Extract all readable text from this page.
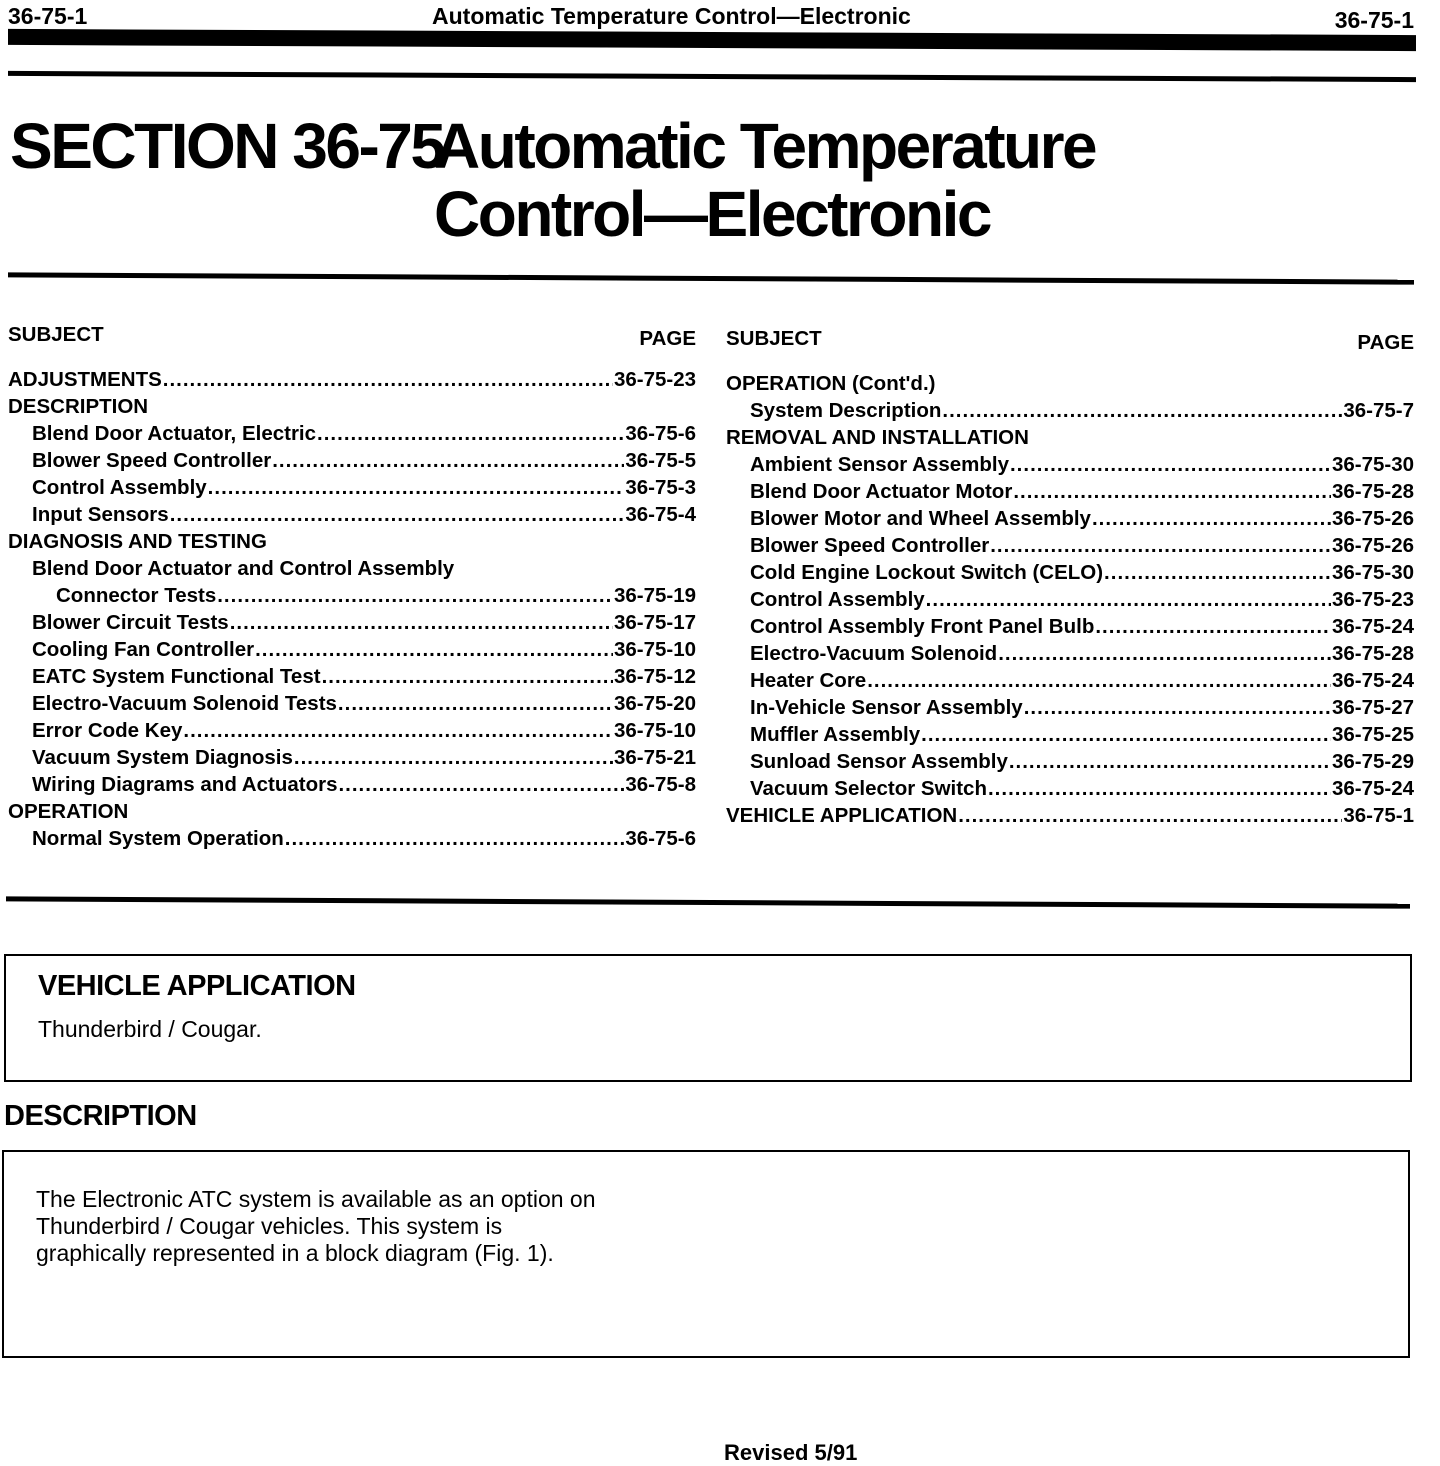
36-75-1	Automatic Temperature Control—Electronic	36-75-1
SECTION 36-75
Automatic Temperature
Control—Electronic
SUBJECT	PAGE
ADJUSTMENTS .....	36-75-23
DESCRIPTION
Blend Door Actuator, Electric .....	36-75-6
Blower Speed Controller .....	36-75-5
Control Assembly .....	36-75-3
Input Sensors .....	36-75-4
DIAGNOSIS AND TESTING
Blend Door Actuator and Control Assembly
Connector Tests .....	36-75-19
Blower Circuit Tests .....	36-75-17
Cooling Fan Controller .....	36-75-10
EATC System Functional Test .....	36-75-12
Electro-Vacuum Solenoid Tests .....	36-75-20
Error Code Key .....	36-75-10
Vacuum System Diagnosis .....	36-75-21
Wiring Diagrams and Actuators .....	36-75-8
OPERATION
Normal System Operation .....	36-75-6
SUBJECT	PAGE
OPERATION (Cont'd.)
System Description .....	36-75-7
REMOVAL AND INSTALLATION
Ambient Sensor Assembly .....	36-75-30
Blend Door Actuator Motor .....	36-75-28
Blower Motor and Wheel Assembly .....	36-75-26
Blower Speed Controller .....	36-75-26
Cold Engine Lockout Switch (CELO) .....	36-75-30
Control Assembly .....	36-75-23
Control Assembly Front Panel Bulb .....	36-75-24
Electro-Vacuum Solenoid .....	36-75-28
Heater Core .....	36-75-24
In-Vehicle Sensor Assembly .....	36-75-27
Muffler Assembly .....	36-75-25
Sunload Sensor Assembly .....	36-75-29
Vacuum Selector Switch .....	36-75-24
VEHICLE APPLICATION .....	36-75-1
VEHICLE APPLICATION

Thunderbird / Cougar.

DESCRIPTION

The Electronic ATC system is available as an option on
Thunderbird / Cougar vehicles. This system is
graphically represented in a block diagram (Fig. 1).

Revised 5/91
